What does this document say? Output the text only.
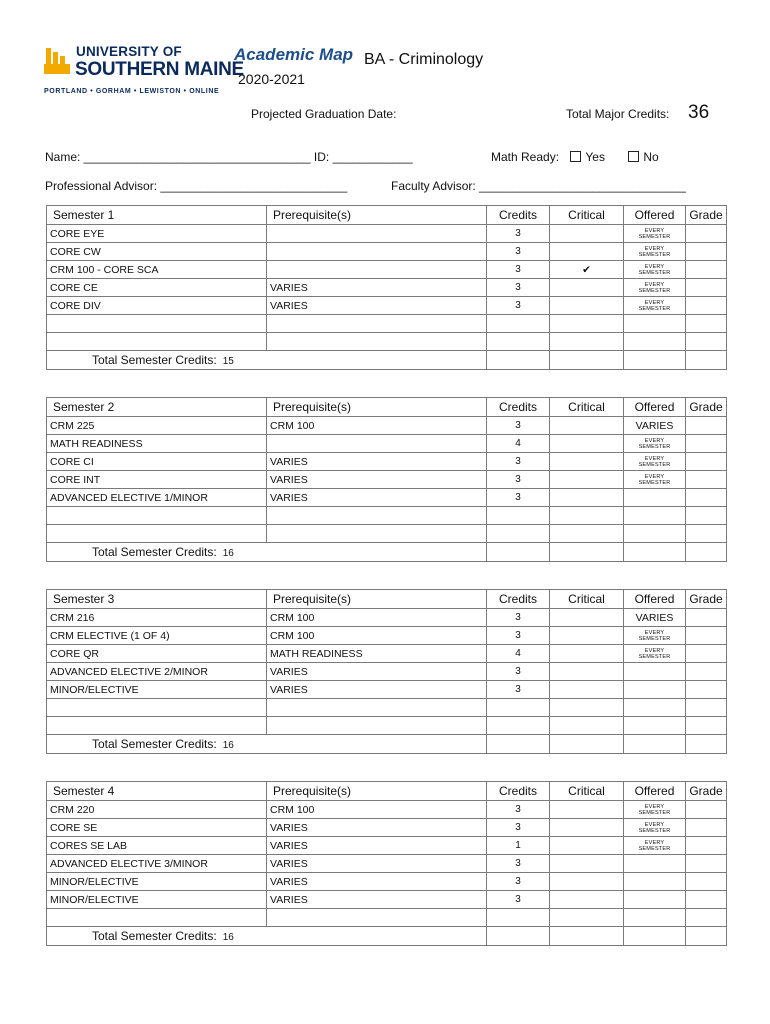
UNIVERSITY OF
SOUTHERN MAINE
PORTLAND • GORHAM • LEWISTON • ONLINE
Academic Map BA - Criminology
2020-2021
Projected Graduation Date:	Total Major Credits: 36
Name: __________________________________ ID: ____________	Math Ready: Yes	No
Professional Advisor: ____________________________	Faculty Advisor: _______________________________
Semester 1	Prerequisite(s)	Credits	Critical	Offered	Grade
CORE EYE		3		EVERY
SEMESTER	

CORE CW		3		EVERY
SEMESTER	

CRM 100 - CORE SCA		3	✔	EVERY
SEMESTER	

CORE CE	VARIES	3		EVERY
SEMESTER	

CORE DIV	VARIES	3		EVERY
SEMESTER	

Total Semester Credits: 15					
Semester 2	Prerequisite(s)	Credits	Critical	Offered	Grade
CRM 225	CRM 100	3		VARIES	
MATH READINESS		4		EVERY
SEMESTER	

CORE CI	VARIES	3		EVERY
SEMESTER	

CORE INT	VARIES	3		EVERY
SEMESTER	

ADVANCED ELECTIVE 1/MINOR	VARIES	3			

Total Semester Credits: 16					
Semester 3	Prerequisite(s)	Credits	Critical	Offered	Grade
CRM 216	CRM 100	3		VARIES	
CRM ELECTIVE (1 OF 4)	CRM 100	3		EVERY
SEMESTER	

CORE QR	MATH READINESS	4		EVERY
SEMESTER	

ADVANCED ELECTIVE 2/MINOR	VARIES	3			
MINOR/ELECTIVE	VARIES	3			

Total Semester Credits: 16					
Semester 4	Prerequisite(s)	Credits	Critical	Offered	Grade
CRM 220	CRM 100	3		EVERY
SEMESTER	

CORE SE	VARIES	3		EVERY
SEMESTER	

CORES SE LAB	VARIES	1		EVERY
SEMESTER	

ADVANCED ELECTIVE 3/MINOR	VARIES	3			
MINOR/ELECTIVE	VARIES	3			
MINOR/ELECTIVE	VARIES	3			

Total Semester Credits: 16					
